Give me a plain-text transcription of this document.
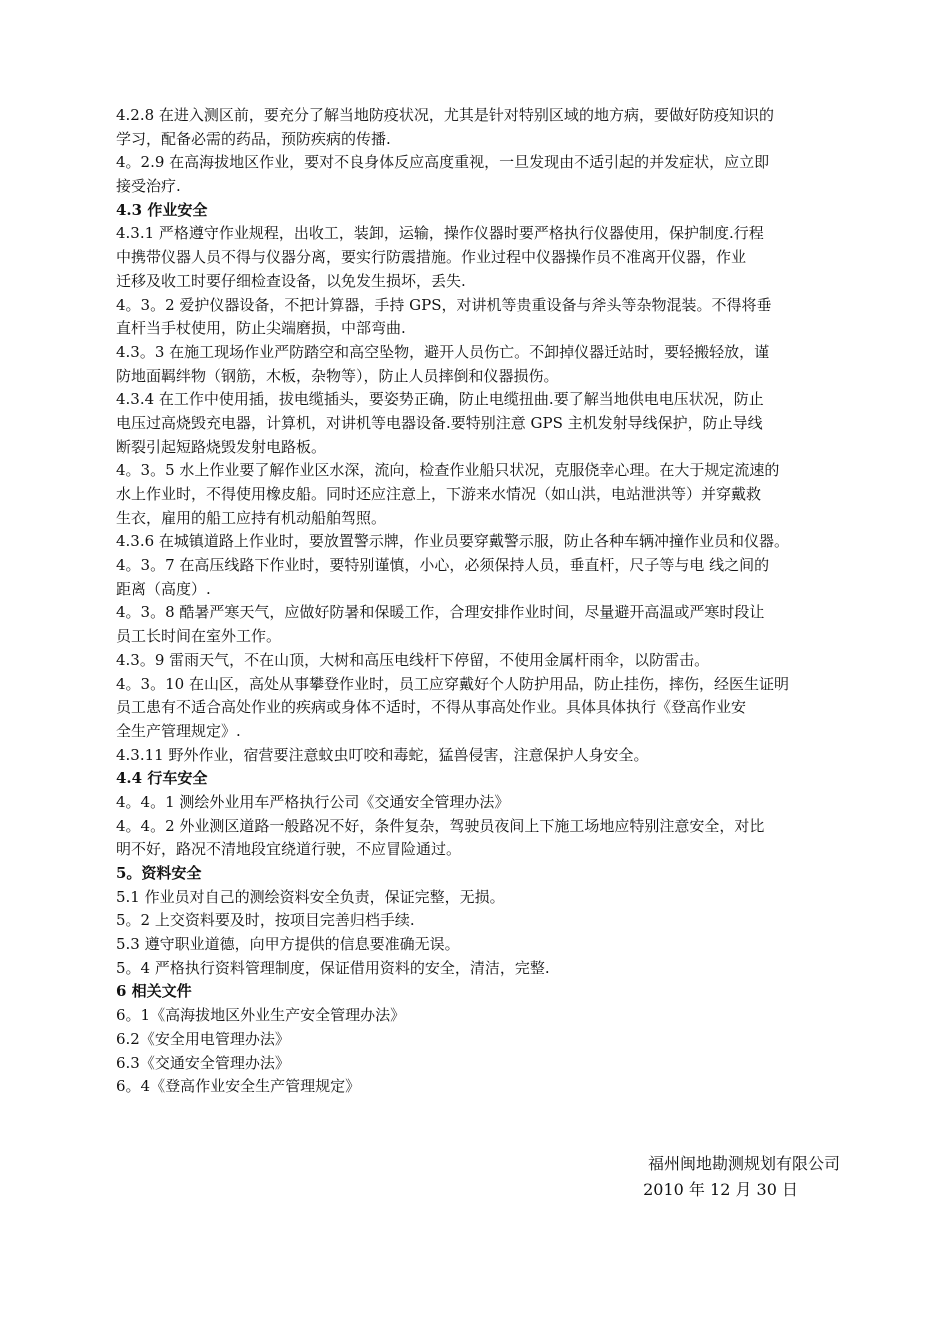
4.2.8 在进入测区前，要充分了解当地防疫状况，尤其是针对特别区域的地方病，要做好防疫知识的
学习，配备必需的药品，预防疾病的传播.
4。2.9 在高海拔地区作业，要对不良身体反应高度重视，一旦发现由不适引起的并发症状，应立即
接受治疗.
4.3 作业安全
4.3.1 严格遵守作业规程，出收工，装卸，运输，操作仪器时要严格执行仪器使用，保护制度.行程
中携带仪器人员不得与仪器分离，要实行防震措施。作业过程中仪器操作员不准离开仪器，作业
迁移及收工时要仔细检查设备，以免发生损坏，丢失.
4。3。2 爱护仪器设备，不把计算器，手持 GPS，对讲机等贵重设备与斧头等杂物混装。不得将垂
直杆当手杖使用，防止尖端磨损，中部弯曲.
4.3。3 在施工现场作业严防踏空和高空坠物，避开人员伤亡。不卸掉仪器迁站时，要轻搬轻放，谨
防地面羁绊物（钢筋，木板，杂物等），防止人员摔倒和仪器损伤。
4.3.4 在工作中使用插，拔电缆插头，要姿势正确，防止电缆扭曲.要了解当地供电电压状况，防止
电压过高烧毁充电器，计算机，对讲机等电器设备.要特别注意 GPS 主机发射导线保护，防止导线
断裂引起短路烧毁发射电路板。
4。3。5 水上作业要了解作业区水深，流向，检查作业船只状况，克服侥幸心理。在大于规定流速的
水上作业时，不得使用橡皮船。同时还应注意上，下游来水情况（如山洪，电站泄洪等）并穿戴救
生衣，雇用的船工应持有机动船舶驾照。
4.3.6 在城镇道路上作业时，要放置警示牌，作业员要穿戴警示服，防止各种车辆冲撞作业员和仪器。
4。3。7 在高压线路下作业时，要特别谨慎，小心，必须保持人员，垂直杆，尺子等与电 线之间的
距离（高度）.
4。3。8 酷暑严寒天气，应做好防暑和保暖工作，合理安排作业时间，尽量避开高温或严寒时段让
员工长时间在室外工作。
4.3。9 雷雨天气，不在山顶，大树和高压电线杆下停留，不使用金属杆雨伞，以防雷击。
4。3。10 在山区，高处从事攀登作业时，员工应穿戴好个人防护用品，防止挂伤，摔伤，经医生证明
员工患有不适合高处作业的疾病或身体不适时，不得从事高处作业。具体具体执行《登高作业安
全生产管理规定》.
4.3.11 野外作业，宿营要注意蚊虫叮咬和毒蛇，猛兽侵害，注意保护人身安全。
4.4 行车安全
4。4。1 测绘外业用车严格执行公司《交通安全管理办法》
4。4。2 外业测区道路一般路况不好，条件复杂，驾驶员夜间上下施工场地应特别注意安全，对比
明不好，路况不清地段宜绕道行驶，不应冒险通过。
5。资料安全
5.1 作业员对自己的测绘资料安全负责，保证完整，无损。
5。2 上交资料要及时，按项目完善归档手续.
5.3 遵守职业道德，向甲方提供的信息要准确无误。
5。4 严格执行资料管理制度，保证借用资料的安全，清洁，完整.
6 相关文件
6。1《高海拔地区外业生产安全管理办法》
6.2《安全用电管理办法》
6.3《交通安全管理办法》
6。4《登高作业安全生产管理规定》
福州闽地勘测规划有限公司
2010 年 12 月 30 日
